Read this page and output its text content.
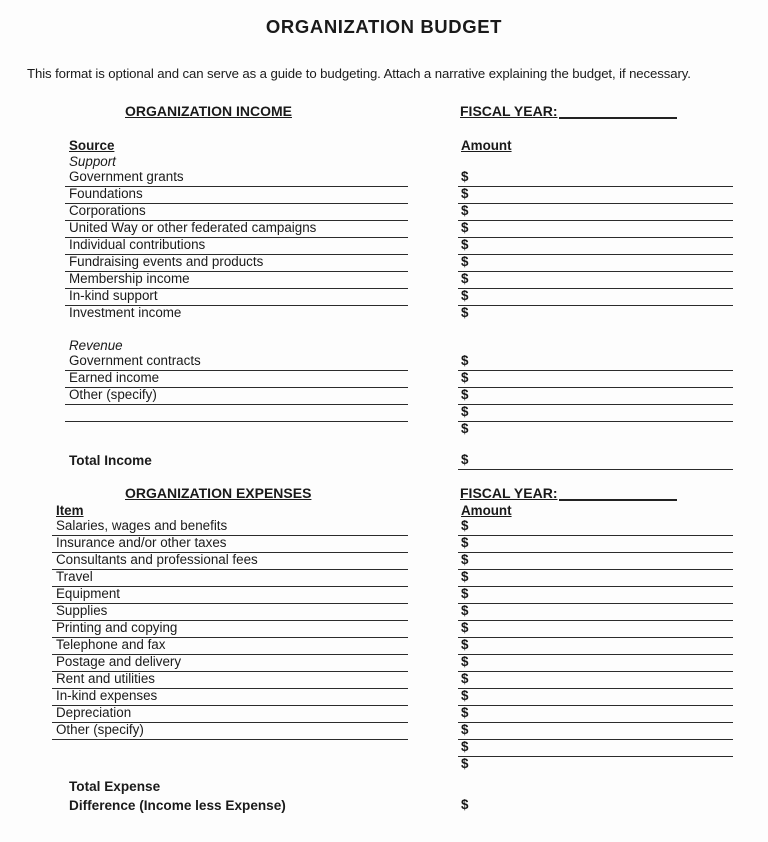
ORGANIZATION BUDGET
This format is optional and can serve as a guide to budgeting. Attach a narrative explaining the budget, if necessary.
ORGANIZATION INCOME	FISCAL YEAR:
Source	Amount
Support
Government grants	$
Foundations	$
Corporations	$
United Way or other federated campaigns	$
Individual contributions	$
Fundraising events and products	$
Membership income	$
In-kind support	$
Investment income	$
Revenue
Government contracts	$
Earned income	$
Other (specify)	$
$
$
Total Income	$
ORGANIZATION EXPENSES	FISCAL YEAR:
Item	Amount
Salaries, wages and benefits	$
Insurance and/or other taxes	$
Consultants and professional fees	$
Travel	$
Equipment	$
Supplies	$
Printing and copying	$
Telephone and fax	$
Postage and delivery	$
Rent and utilities	$
In-kind expenses	$
Depreciation	$
Other (specify)	$
$
$
Total Expense
Difference (Income less Expense)	$
